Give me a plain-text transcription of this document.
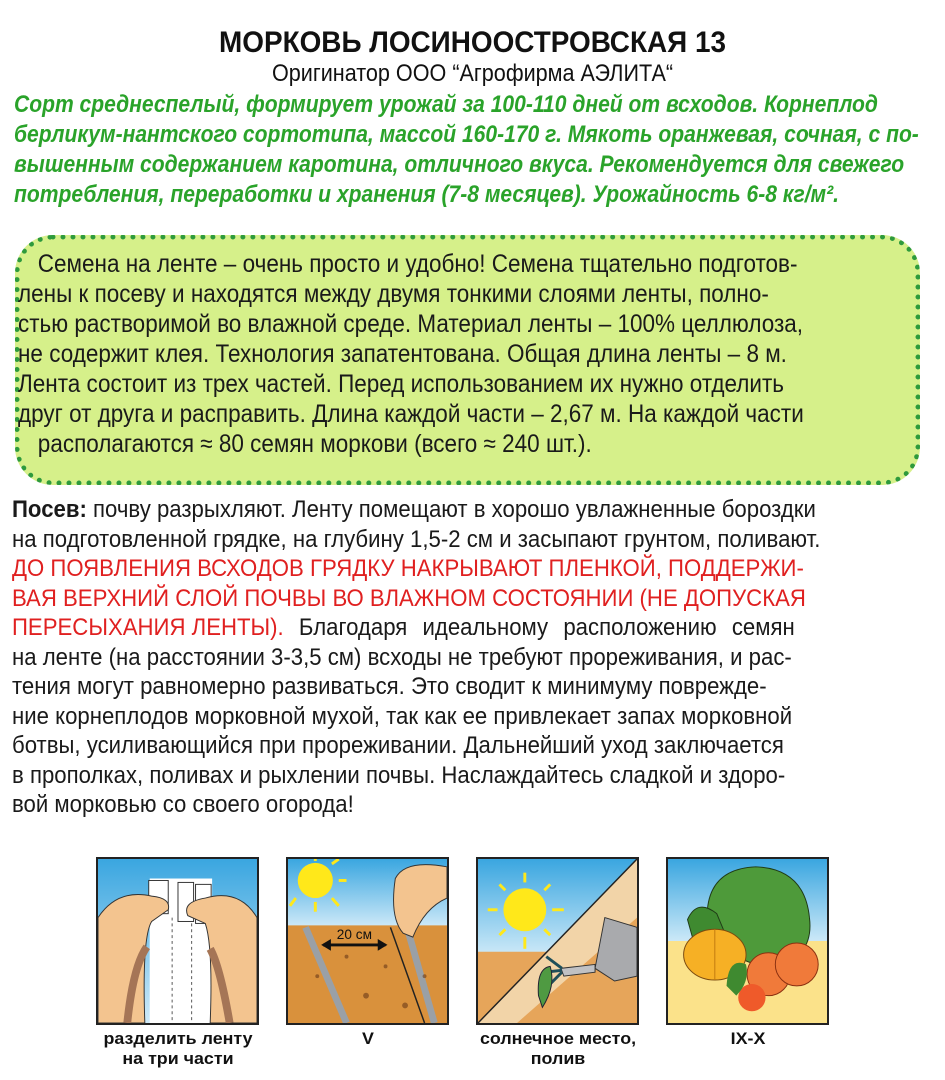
МОРКОВЬ ЛОСИНООСТРОВСКАЯ 13
Оригинатор ООО “Агрофирма АЭЛИТА“
Сорт среднеспелый, формирует урожай за 100-110 дней от всходов. Корнеплод
берликум-нантского сортотипа, массой 160-170 г. Мякоть оранжевая, сочная, с по-
вышенным содержанием каротина, отличного вкуса. Рекомендуется для свежего
потребления, переработки и хранения (7-8 месяцев). Урожайность 6-8 кг/м².
Семена на ленте – очень просто и удобно! Семена тщательно подготов-
лены к посеву и находятся между двумя тонкими слоями ленты, полно-
стью растворимой во влажной среде. Материал ленты – 100% целлюлоза,
не содержит клея. Технология запатентована. Общая длина ленты – 8 м.
Лента состоит из трех частей. Перед использованием их нужно отделить
друг от друга и расправить. Длина каждой части – 2,67 м. На каждой части
располагаются ≈ 80 семян моркови (всего ≈ 240 шт.).
Посев: почву разрыхляют. Ленту помещают в хорошо увлажненные бороздки
на подготовленной грядке, на глубину 1,5-2 см и засыпают грунтом, поливают.
ДО ПОЯВЛЕНИЯ ВСХОДОВ ГРЯДКУ НАКРЫВАЮТ ПЛЕНКОЙ, ПОДДЕРЖИ-
ВАЯ ВЕРХНИЙ СЛОЙ ПОЧВЫ ВО ВЛАЖНОМ СОСТОЯНИИ (НЕ ДОПУСКАЯ
ПЕРЕСЫХАНИЯ ЛЕНТЫ). Благодаря идеальному расположению семян
на ленте (на расстоянии 3-3,5 см) всходы не требуют прореживания, и рас-
тения могут равномерно развиваться. Это сводит к минимуму поврежде-
ние корнеплодов морковной мухой, так как ее привлекает запах морковной
ботвы, усиливающийся при прореживании. Дальнейший уход заключается
в прополках, поливах и рыхлении почвы. Наслаждайтесь сладкой и здоро-
вой морковью со своего огорода!
разделить ленту
на три части
20 см
V	солнечное место,
полив
IX-X
